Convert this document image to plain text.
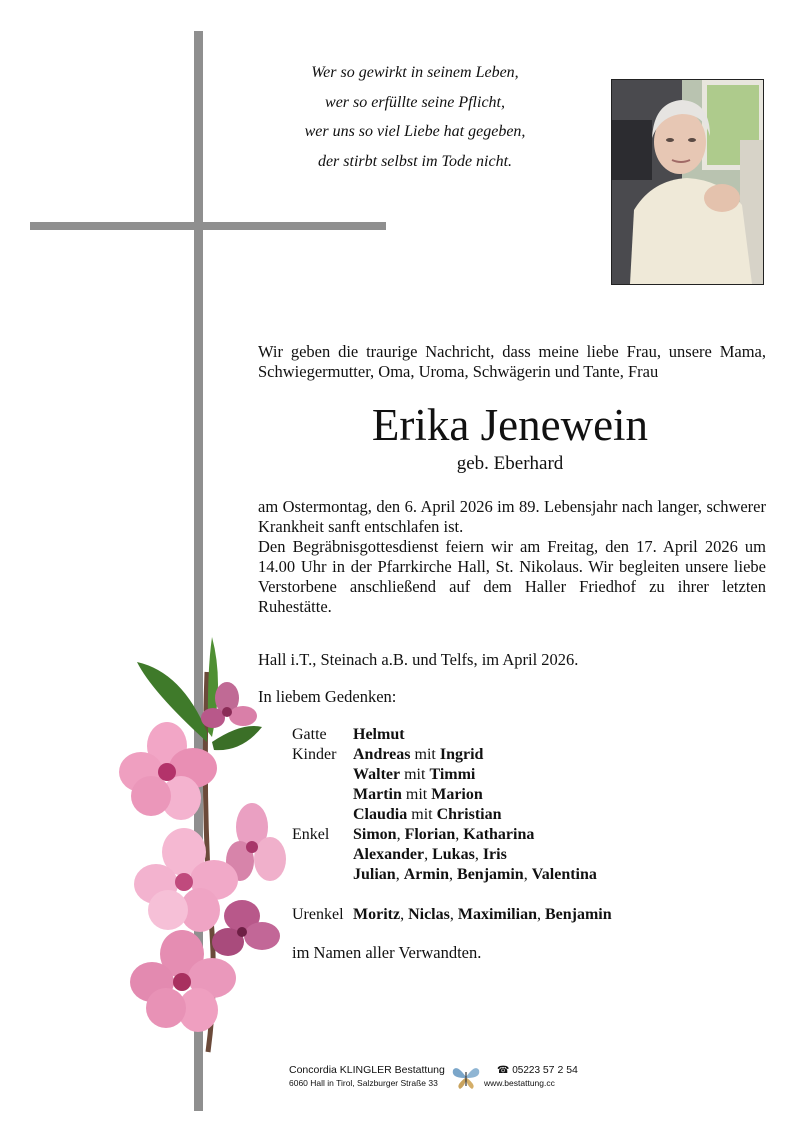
Wer so gewirkt in seinem Leben,
wer so erfüllte seine Pflicht,
wer uns so viel Liebe hat gegeben,
der stirbt selbst im Tode nicht.
Wir geben die traurige Nachricht, dass meine liebe Frau, unsere Mama, Schwiegermutter, Oma, Uroma, Schwägerin und Tante, Frau
Erika Jenewein
geb. Eberhard

am Ostermontag, den 6. April 2026 im 89. Lebensjahr nach langer, schwerer Krankheit sanft entschlafen ist.

Den Begräbnisgottesdienst feiern wir am Freitag, den 17. April 2026 um 14.00 Uhr in der Pfarrkirche Hall, St. Nikolaus. Wir begleiten unsere liebe Verstorbene anschließend auf dem Haller Friedhof zu ihrer letzten Ruhestätte.

Hall i.T., Steinach a.B. und Telfs, im April 2026.
In liebem Gedenken:
Gatte	Helmut
Kinder	Andreas mit Ingrid
Walter mit Timmi
Martin mit Marion
Claudia mit Christian
Enkel	Simon, Florian, Katharina
Alexander, Lukas, Iris
Julian, Armin, Benjamin, Valentina
Urenkel Moritz, Niclas, Maximilian, Benjamin
im Namen aller Verwandten.
Concordia KLINGLER Bestattung
6060 Hall in Tirol, Salzburger Straße 33
☎ 05223 57 2 54
www.bestattung.cc
